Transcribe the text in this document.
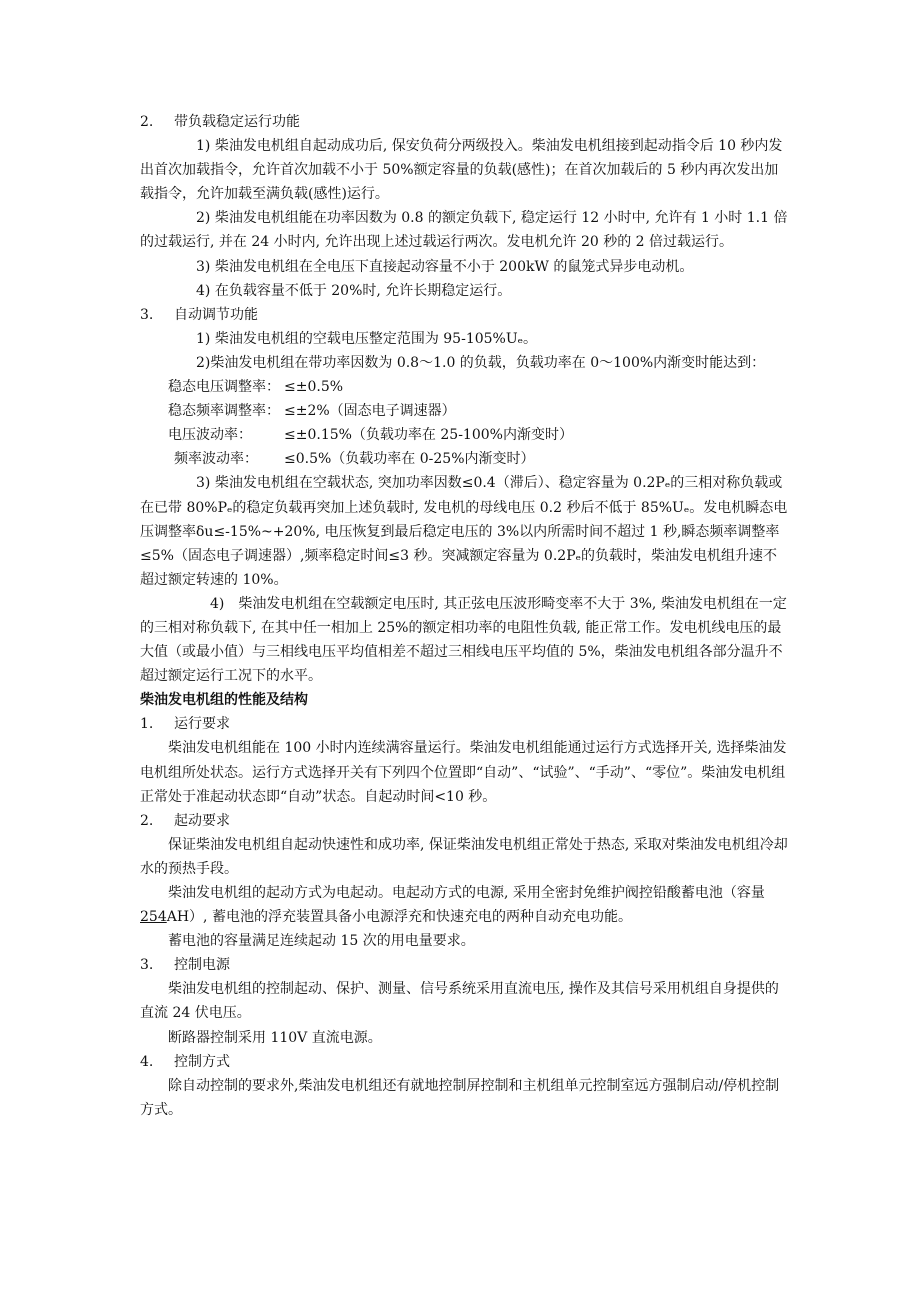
2. 带负载稳定运行功能

1) 柴油发电机组自起动成功后, 保安负荷分两级投入。柴油发电机组接到起动指令后 10 秒内发出首次加载指令，允许首次加载不小于 50%额定容量的负载(感性)；在首次加载后的 5 秒内再次发出加载指令，允许加载至满负载(感性)运行。

2) 柴油发电机组能在功率因数为 0.8 的额定负载下, 稳定运行 12 小时中, 允许有 1 小时 1.1 倍的过载运行, 并在 24 小时内, 允许出现上述过载运行两次。发电机允许 20 秒的 2 倍过载运行。

3) 柴油发电机组在全电压下直接起动容量不小于 200kW 的鼠笼式异步电动机。

4) 在负载容量不低于 20%时, 允许长期稳定运行。

3. 自动调节功能

1) 柴油发电机组的空载电压整定范围为 95-105%Uₑ。

2)柴油发电机组在带功率因数为 0.8～1.0 的负载，负载功率在 0～100%内渐变时能达到：

稳态电压调整率： ≤±0.5%
稳态频率调整率： ≤±2%（固态电子调速器）
电压波动率： ≤±0.15%（负载功率在 25-100%内渐变时）
频率波动率： ≤0.5%（负载功率在 0-25%内渐变时）

3) 柴油发电机组在空载状态, 突加功率因数≤0.4（滞后）、稳定容量为 0.2Pₑ的三相对称负载或在已带 80%Pₑ的稳定负载再突加上述负载时, 发电机的母线电压 0.2 秒后不低于 85%Uₑ。发电机瞬态电压调整率δu≤-15%~+20%, 电压恢复到最后稳定电压的 3%以内所需时间不超过 1 秒,瞬态频率调整率≤5%（固态电子调速器）,频率稳定时间≤3 秒。突减额定容量为 0.2Pₑ的负载时，柴油发电机组升速不超过额定转速的 10%。

4)　柴油发电机组在空载额定电压时, 其正弦电压波形畸变率不大于 3%, 柴油发电机组在一定的三相对称负载下, 在其中任一相加上 25%的额定相功率的电阻性负载, 能正常工作。发电机线电压的最大值（或最小值）与三相线电压平均值相差不超过三相线电压平均值的 5%，柴油发电机组各部分温升不超过额定运行工况下的水平。

柴油发电机组的性能及结构

1. 运行要求

柴油发电机组能在 100 小时内连续满容量运行。柴油发电机组能通过运行方式选择开关, 选择柴油发电机组所处状态。运行方式选择开关有下列四个位置即“自动”、“试验”、“手动”、“零位”。柴油发电机组正常处于准起动状态即“自动”状态。自起动时间<10 秒。

2. 起动要求

保证柴油发电机组自起动快速性和成功率, 保证柴油发电机组正常处于热态, 采取对柴油发电机组冷却水的预热手段。

柴油发电机组的起动方式为电起动。电起动方式的电源, 采用全密封免维护阀控铅酸蓄电池（容量 254AH）, 蓄电池的浮充装置具备小电源浮充和快速充电的两种自动充电功能。

蓄电池的容量满足连续起动 15 次的用电量要求。

3. 控制电源

柴油发电机组的控制起动、保护、测量、信号系统采用直流电压, 操作及其信号采用机组自身提供的直流 24 伏电压。

断路器控制采用 110V 直流电源。

4. 控制方式

除自动控制的要求外,柴油发电机组还有就地控制屏控制和主机组单元控制室远方强制启动/停机控制方式。
